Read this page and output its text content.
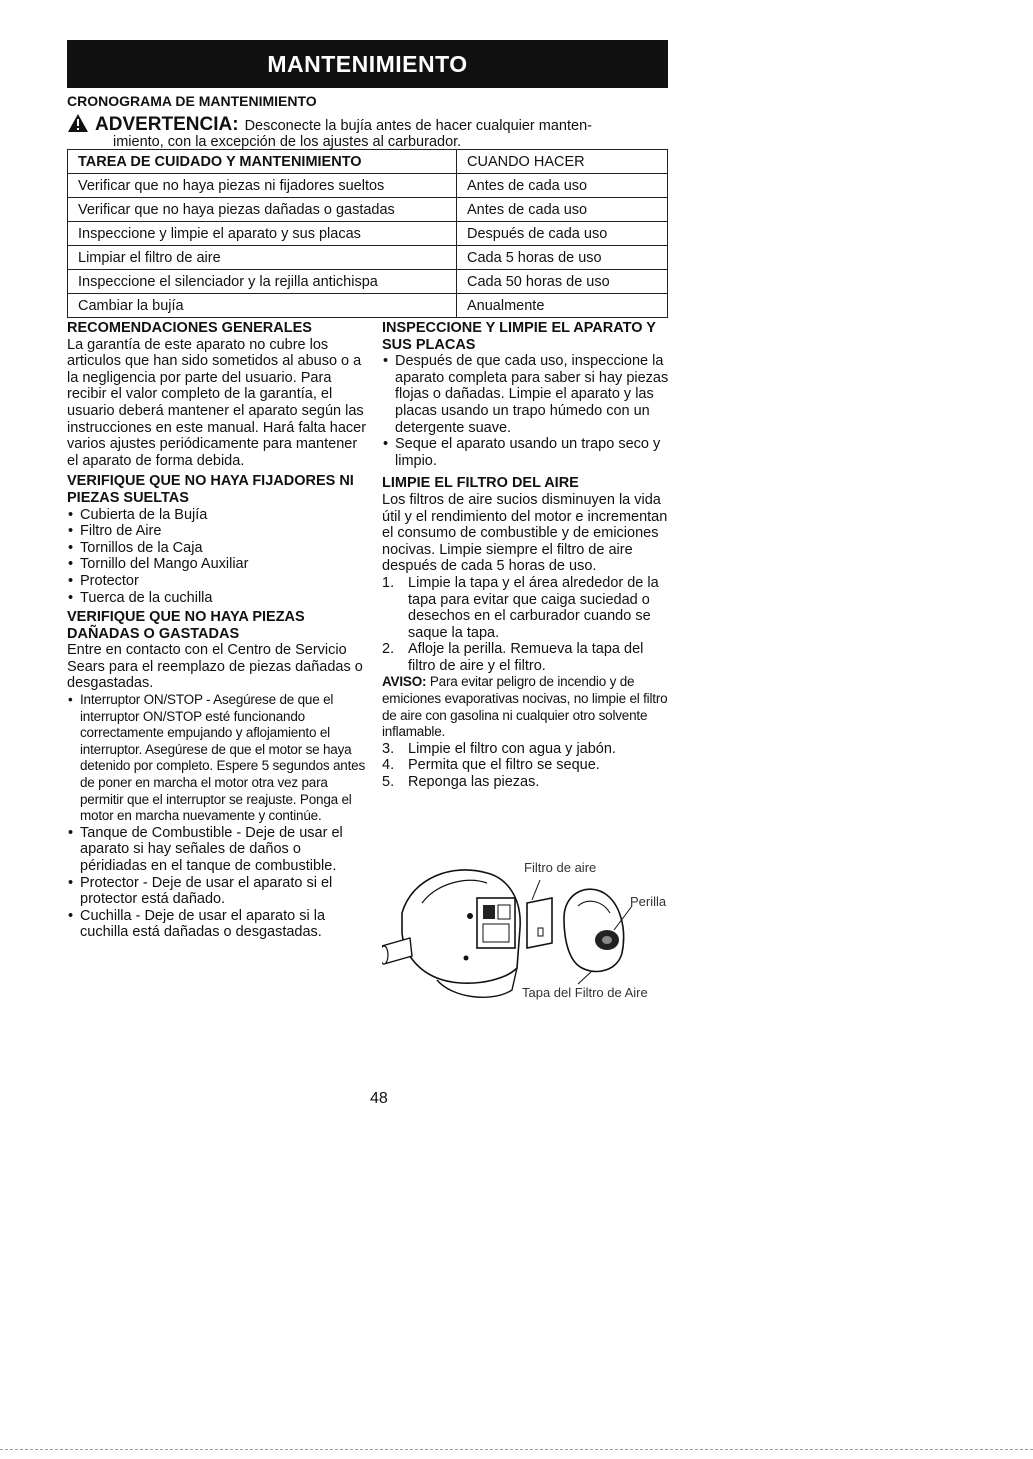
MANTENIMIENTO
CRONOGRAMA DE MANTENIMIENTO
ADVERTENCIA: Desconecte la bujía antes de hacer cualquier manten-
imiento, con la excepción de los ajustes al carburador.
TAREA DE CUIDADO Y MANTENIMIENTO	CUANDO HACER
Verificar que no haya piezas ni fijadores sueltos	Antes de cada uso
Verificar que no haya piezas dañadas o gastadas	Antes de cada uso
Inspeccione y limpie el aparato y sus placas	Después de cada uso
Limpiar el filtro de aire	Cada 5 horas de uso
Inspeccione el silenciador y la rejilla antichispa	Cada 50 horas de uso
Cambiar la bujía	Anualmente

RECOMENDACIONES GENERALES

La garantía de este aparato no cubre los articulos que han sido sometidos al abuso o a la negligencia por parte del usuario. Para recibir el valor completo de la garantía, el usuario deberá mantener el aparato según las instrucciones en este manual. Hará falta hacer varios ajustes periódicamente para mantener el aparato de forma debida.

VERIFIQUE QUE NO HAYA FIJADORES NI PIEZAS SUELTAS

• Cubierta de la Bujía
• Filtro de Aire
• Tornillos de la Caja
• Tornillo del Mango Auxiliar
• Protector
• Tuerca de la cuchilla

VERIFIQUE QUE NO HAYA PIEZAS DAÑADAS O GASTADAS

Entre en contacto con el Centro de Servicio Sears para el reemplazo de piezas dañadas o desgastadas.

• Interruptor ON/STOP - Asegúrese de que el interruptor ON/STOP esté funcionando correctamente empujando y aflojamiento el interruptor. Asegúrese de que el motor se haya detenido por completo. Espere 5 segundos antes de poner en marcha el motor otra vez para permitir que el interruptor se reajuste. Ponga el motor en marcha nuevamente y continúe.
• Tanque de Combustible - Deje de usar el aparato si hay señales de daños o péridiadas en el tanque de combustible.
• Protector - Deje de usar el aparato si el protector está dañado.
• Cuchilla - Deje de usar el aparato si la cuchilla está dañadas o desgastadas.

INSPECCIONE Y LIMPIE EL APARATO Y SUS PLACAS

• Después de que cada uso, inspeccione la aparato completa para saber si hay piezas flojas o dañadas. Limpie el aparato y las placas usando un trapo húmedo con un detergente suave.
• Seque el aparato usando un trapo seco y limpio.

LIMPIE EL FILTRO DEL AIRE

Los filtros de aire sucios disminuyen la vida útil y el rendimiento del motor e incrementan el consumo de combustible y de emiciones nocivas. Limpie siempre el filtro de aire después de cada 5 horas de uso.

1. Limpie la tapa y el área alrededor de la tapa para evitar que caiga suciedad o desechos en el carburador cuando se saque la tapa.
2. Afloje la perilla. Remueva la tapa del filtro de aire y el filtro.

AVISO: Para evitar peligro de incendio y de emiciones evaporativas nocivas, no limpie el filtro de aire con gasolina ni cualquier otro solvente inflamable.

3. Limpie el filtro con agua y jabón.
4. Permita que el filtro se seque.
5. Reponga las piezas.
Filtro de aire
Perilla
Tapa del Filtro de Aire
48
